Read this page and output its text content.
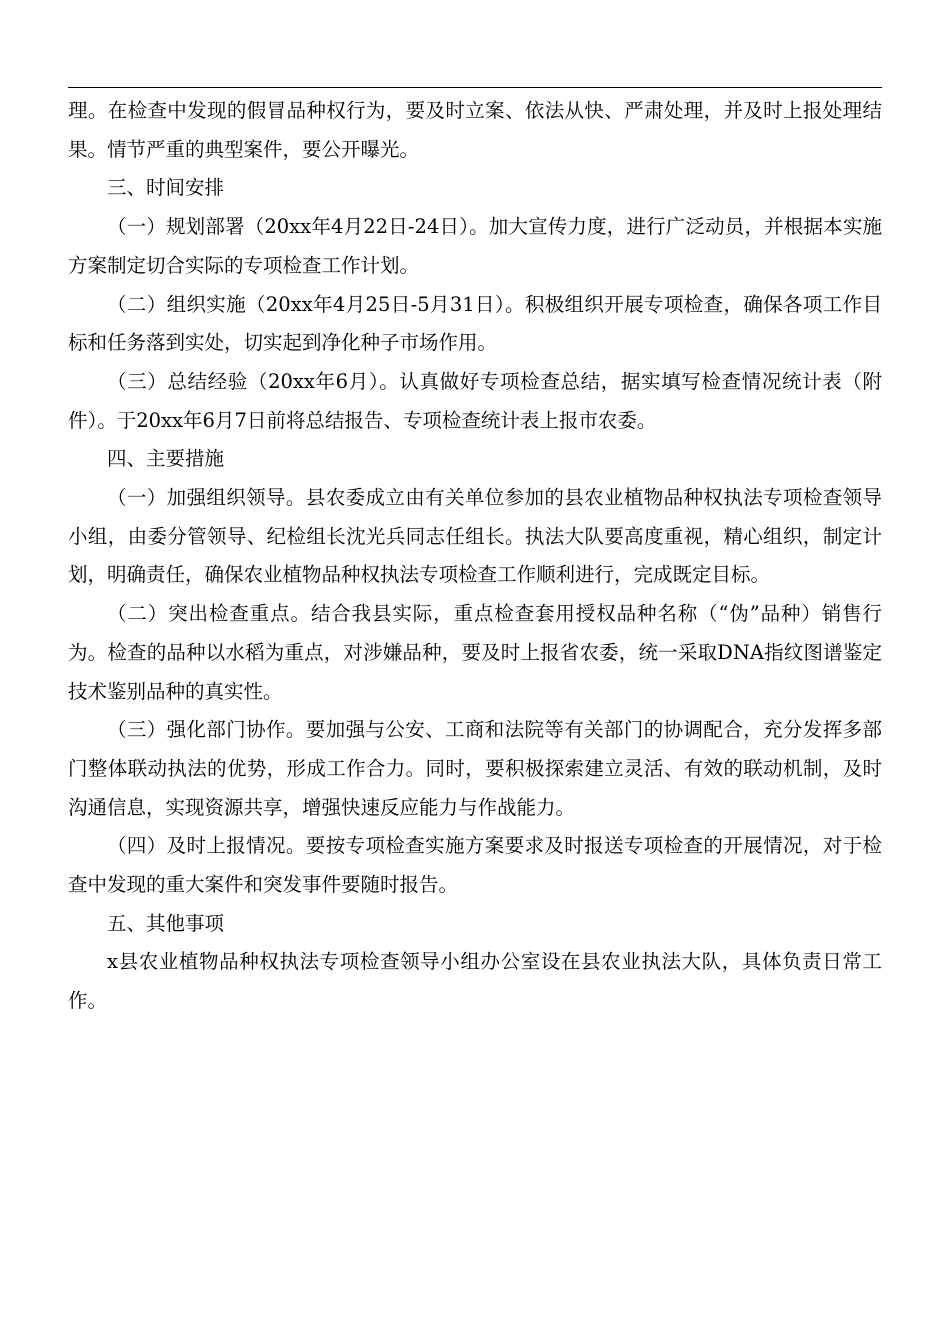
理。在检查中发现的假冒品种权行为，要及时立案、依法从快、严肃处理，并及时上报处理结果。情节严重的典型案件，要公开曝光。

三、时间安排

（一）规划部署（20xx年4月22日-24日）。加大宣传力度，进行广泛动员，并根据本实施方案制定切合实际的专项检查工作计划。

（二）组织实施（20xx年4月25日-5月31日）。积极组织开展专项检查，确保各项工作目标和任务落到实处，切实起到净化种子市场作用。

（三）总结经验（20xx年6月）。认真做好专项检查总结，据实填写检查情况统计表（附件）。于20xx年6月7日前将总结报告、专项检查统计表上报市农委。

四、主要措施

（一）加强组织领导。县农委成立由有关单位参加的县农业植物品种权执法专项检查领导小组，由委分管领导、纪检组长沈光兵同志任组长。执法大队要高度重视，精心组织，制定计划，明确责任，确保农业植物品种权执法专项检查工作顺利进行，完成既定目标。

（二）突出检查重点。结合我县实际，重点检查套用授权品种名称（“伪”品种）销售行为。检查的品种以水稻为重点，对涉嫌品种，要及时上报省农委，统一采取DNA指纹图谱鉴定技术鉴别品种的真实性。

（三）强化部门协作。要加强与公安、工商和法院等有关部门的协调配合，充分发挥多部门整体联动执法的优势，形成工作合力。同时，要积极探索建立灵活、有效的联动机制，及时沟通信息，实现资源共享，增强快速反应能力与作战能力。

（四）及时上报情况。要按专项检查实施方案要求及时报送专项检查的开展情况，对于检查中发现的重大案件和突发事件要随时报告。

五、其他事项

x县农业植物品种权执法专项检查领导小组办公室设在县农业执法大队，具体负责日常工作。
